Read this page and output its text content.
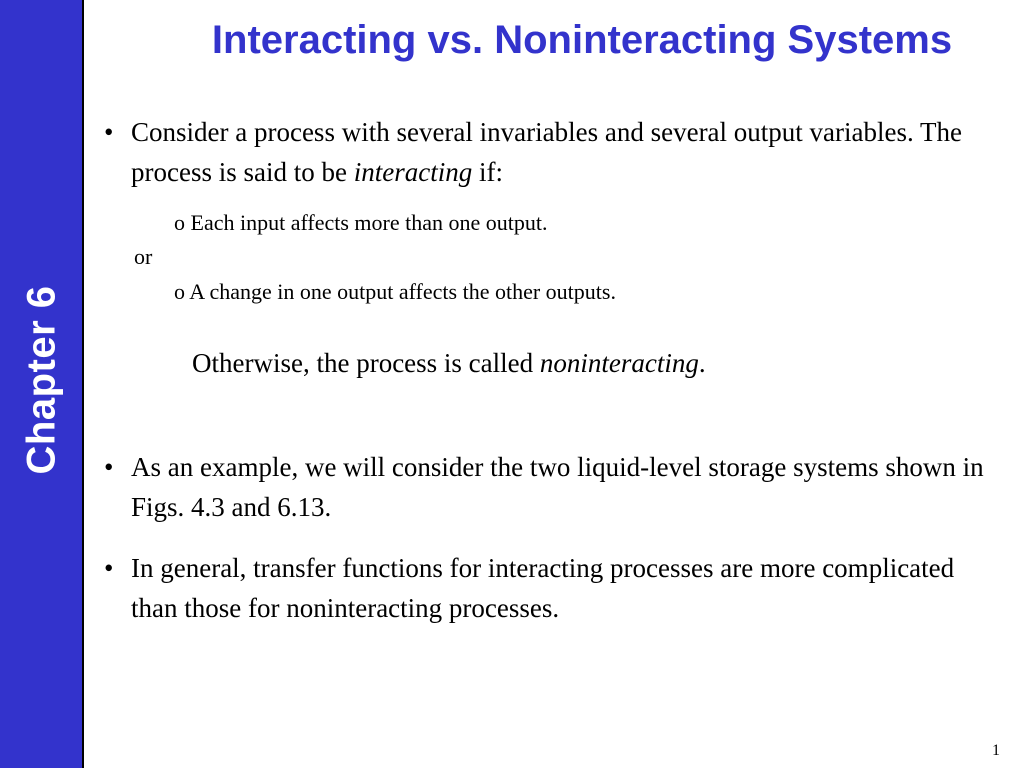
Chapter 6
Interacting vs. Noninteracting Systems
• Consider a process with several invariables and several output variables. The process is said to be interacting if:
o Each input affects more than one output.
or
o A change in one output affects the other outputs.
Otherwise, the process is called noninteracting.
• As an example, we will consider the two liquid-level storage systems shown in Figs. 4.3 and 6.13.
• In general, transfer functions for interacting processes are more complicated than those for noninteracting processes.
1
